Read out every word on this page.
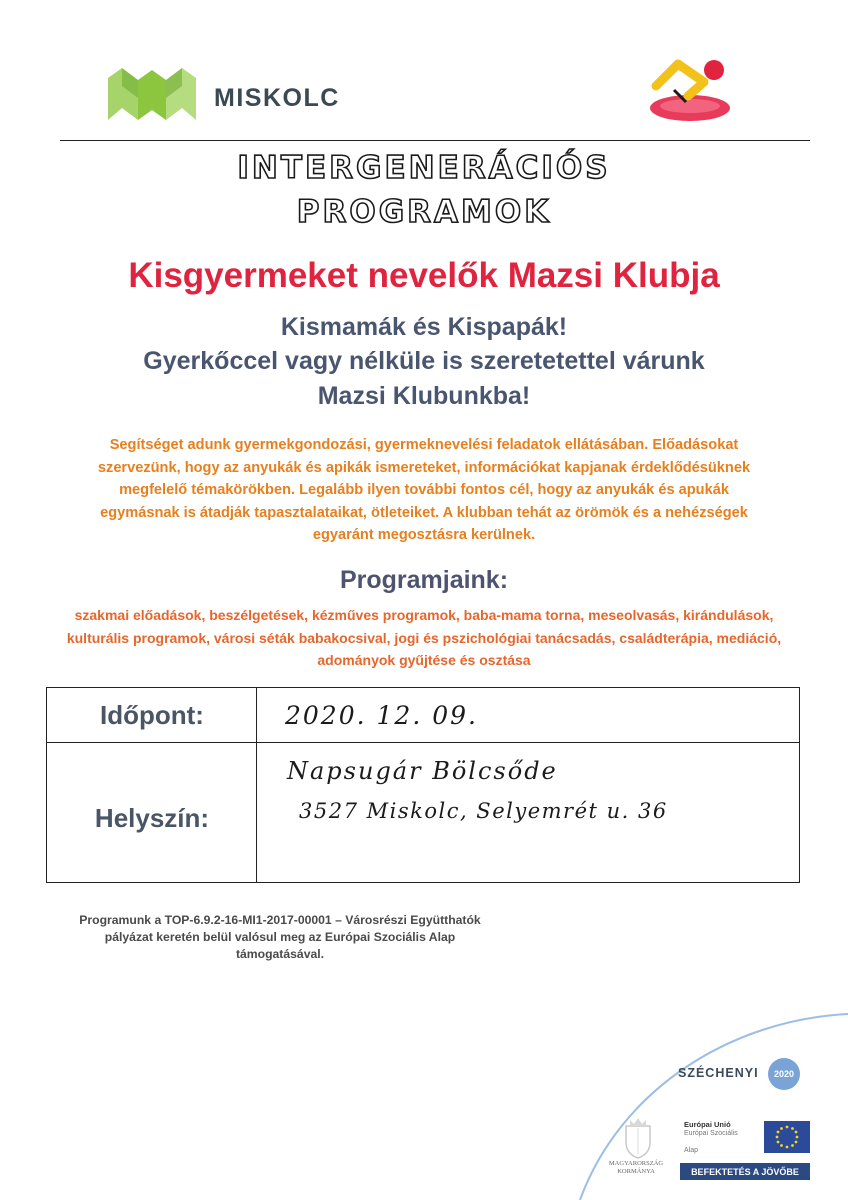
MISKOLC
INTERGENERÁCIÓS
PROGRAMOK
Kisgyermeket nevelők Mazsi Klubja
Kismamák és Kispapák!
Gyerkőccel vagy nélküle is szeretetettel várunk
Mazsi Klubunkba!
Segítséget adunk gyermekgondozási, gyermeknevelési feladatok ellátásában. Előadásokat szervezünk, hogy az anyukák és apikák ismereteket, információkat kapjanak érdeklődésüknek megfelelő témakörökben. Legalább ilyen további fontos cél, hogy az anyukák és apukák egymásnak is átadják tapasztalataikat, ötleteiket. A klubban tehát az örömök és a nehézségek egyaránt megosztásra kerülnek.
Programjaink:
szakmai előadások, beszélgetések, kézműves programok, baba-mama torna, meseolvasás, kirándulások, kulturális programok, városi séták babakocsival, jogi és pszichológiai tanácsadás, családterápia, mediáció, adományok gyűjtése és osztása
Időpont:	2020. 12. 09.
Helyszín:
Napsugár Bölcsőde
3527 Miskolc, Selyemrét u. 36
Programunk a TOP-6.9.2-16-MI1-2017-00001 – Városrészi Együtthatók pályázat keretén belül valósul meg az Európai Szociális Alap támogatásával.
SZÉCHENYI	2020
MAGYARORSZÁG KORMÁNYA
Európai Unió
Európai Szociális
Alap
BEFEKTETÉS A JÖVŐBE
